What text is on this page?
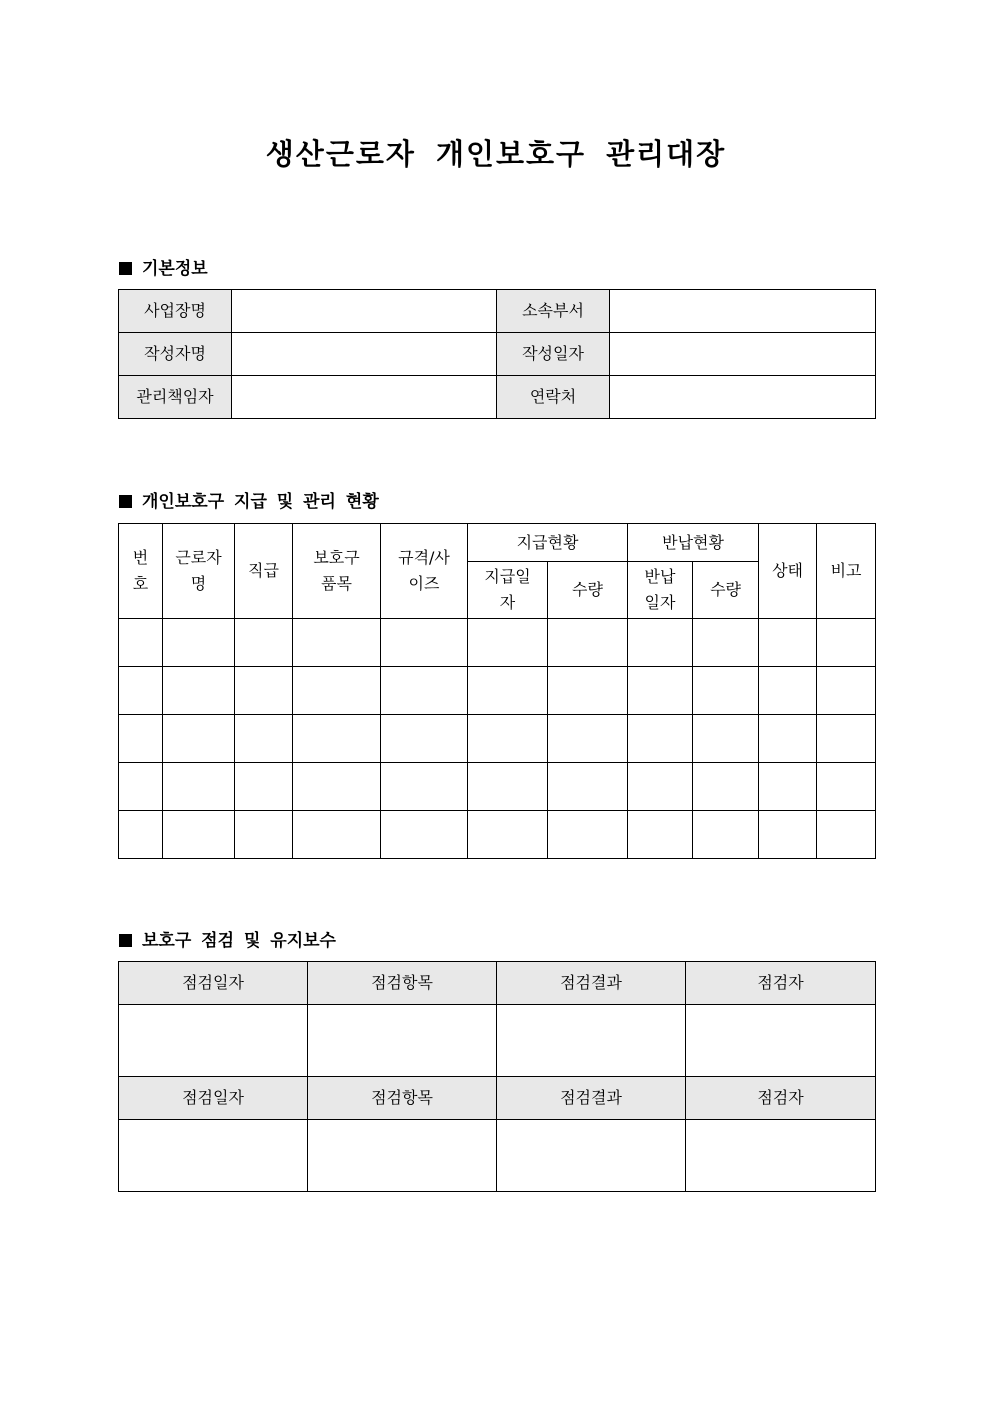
생산근로자 개인보호구 관리대장
기본정보
사업장명		소속부서	
작성자명		작성일자	
관리책임자		연락처	
개인보호구 지급 및 관리 현황
번호	근로자명	직급	보호구 품목	규격/사이즈	지급현황		반납현황		상태	비고

					지급일자	수량	반납일자	수량		

보호구 점검 및 유지보수
점검일자	점검항목	점검결과	점검자

점검일자	점검항목	점검결과	점검자
